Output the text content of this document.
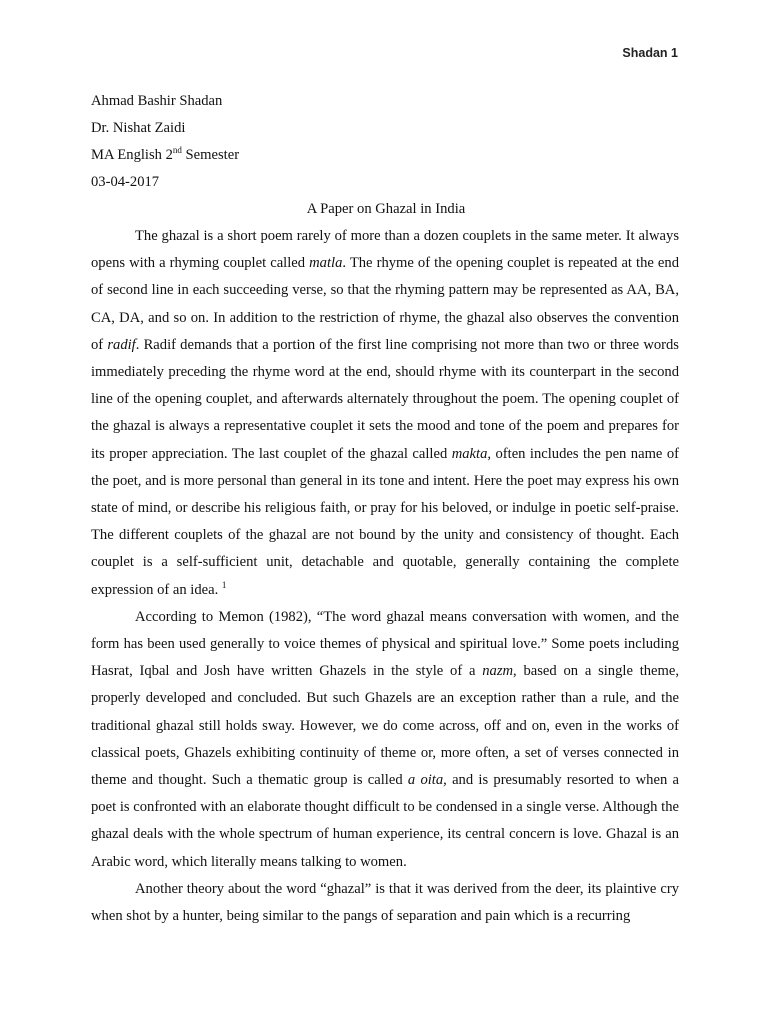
Shadan 1
Ahmad Bashir Shadan
Dr. Nishat Zaidi
MA English 2nd Semester
03-04-2017
A Paper on Ghazal in India

The ghazal is a short poem rarely of more than a dozen couplets in the same meter. It always opens with a rhyming couplet called matla. The rhyme of the opening couplet is repeated at the end of second line in each succeeding verse, so that the rhyming pattern may be represented as AA, BA, CA, DA, and so on. In addition to the restriction of rhyme, the ghazal also observes the convention of radif. Radif demands that a portion of the first line comprising not more than two or three words immediately preceding the rhyme word at the end, should rhyme with its counterpart in the second line of the opening couplet, and afterwards alternately throughout the poem. The opening couplet of the ghazal is always a representative couplet it sets the mood and tone of the poem and prepares for its proper appreciation. The last couplet of the ghazal called makta, often includes the pen name of the poet, and is more personal than general in its tone and intent. Here the poet may express his own state of mind, or describe his religious faith, or pray for his beloved, or indulge in poetic self-praise. The different couplets of the ghazal are not bound by the unity and consistency of thought. Each couplet is a self-sufficient unit, detachable and quotable, generally containing the complete expression of an idea. $^1$

According to Memon (1982), “The word ghazal means conversation with women, and the form has been used generally to voice themes of physical and spiritual love.” Some poets including Hasrat, Iqbal and Josh have written Ghazels in the style of a nazm, based on a single theme, properly developed and concluded. But such Ghazels are an exception rather than a rule, and the traditional ghazal still holds sway. However, we do come across, off and on, even in the works of classical poets, Ghazels exhibiting continuity of theme or, more often, a set of verses connected in theme and thought. Such a thematic group is called a oita, and is presumably resorted to when a poet is confronted with an elaborate thought difficult to be condensed in a single verse. Although the ghazal deals with the whole spectrum of human experience, its central concern is love. Ghazal is an Arabic word, which literally means talking to women.

Another theory about the word “ghazal” is that it was derived from the deer, its plaintive cry when shot by a hunter, being similar to the pangs of separation and pain which is a recurring
